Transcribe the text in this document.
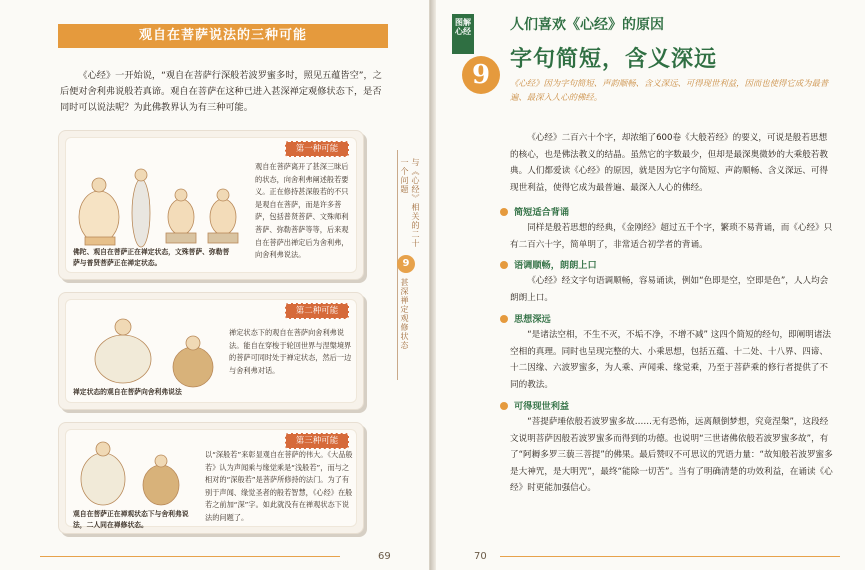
观自在菩萨说法的三种可能

《心经》一开始说，“观自在菩萨行深般若波罗蜜多时，照见五蕴皆空”，之后便对舍利弗说般若真谛。观自在菩萨在这种已进入甚深禅定观修状态下，是否同时可以说法呢？为此佛教界认为有三种可能。

第一种可能
观自在菩萨离开了甚深三昧后的状态，向舍利弗阐述般若要义。正在修持甚深般若的不只是观自在菩萨，而是许多菩萨，包括普贤菩萨、文殊师利菩萨、弥勒菩萨等等，后来观自在菩萨出禅定后为舍利弗，向舍利弗说法。
佛陀、观自在菩萨正在禅定状态，文殊菩萨、弥勒菩萨与普贤菩萨正在禅定状态。
第二种可能
禅定状态下的观自在菩萨向舍利弗说法。能自在穿梭于轮回世界与涅槃境界的菩萨可同时处于禅定状态，然后一边与舍利弗对话。
禅定状态的观自在菩萨向舍利弗说法
第三种可能
以“深般若”来彰显观自在菩萨的伟大。《大品般若》认为声闻乘与缘觉乘是“浅般若”，而与之相对的“深般若”是菩萨所修持的法门。为了有别于声闻、缘觉圣者的般若智慧，《心经》在般若之前加“深”字。如此就没有在禅观状态下说法的问题了。
观自在菩萨正在禅观状态下与舍利弗说法，二人同在禅修状态。
与《心经》相关的二十一个问题
9
甚深禅定观修状态
69
图解心经
9
人们喜欢《心经》的原因
字句简短，含义深远
《心经》因为字句简短、声韵顺畅、含义深远、可得现世利益，因而也使得它成为最普遍、最深入人心的佛经。

《心经》二百六十个字，却浓缩了600卷《大般若经》的要义，可说是般若思想的核心，也是佛法教义的结晶。虽然它的字数最少，但却是最深奥微妙的大乘般若教典。人们都爱读《心经》的原因，就是因为它字句简短、声韵顺畅、含义深远、可得现世利益，使得它成为最普遍、最深入人心的佛经。

简短适合背诵

同样是般若思想的经典，《金刚经》超过五千个字，繁琐不易背诵，而《心经》只有二百六十字，简单明了，非常适合初学者的背诵。

语调顺畅，朗朗上口

《心经》经文字句语调顺畅，容易诵读，例如“色即是空，空即是色”，人人均会朗朗上口。

思想深远

“是诸法空相，不生不灭，不垢不净，不增不减” 这四个简短的经句，即阐明诸法空相的真理。同时也呈现完整的大、小乘思想，包括五蕴、十二处、十八界、四谛、十二因缘、六波罗蜜多，为人乘、声闻乘、缘觉乘，乃至于菩萨乘的修行者提供了不同的教法。

可得现世利益

“菩提萨埵依般若波罗蜜多故……无有恐怖，远离颠倒梦想，究竟涅槃”，这段经文说明菩萨因般若波罗蜜多而得到的功德。也说明“三世诸佛依般若波罗蜜多故”，有了“阿耨多罗三藐三菩提”的佛果。最后赞叹不可思议的咒语力量：“故知般若波罗蜜多是大神咒，是大明咒”，最终“能除一切苦”。当有了明确清楚的功效利益，在诵读《心经》时更能加强信心。

70
